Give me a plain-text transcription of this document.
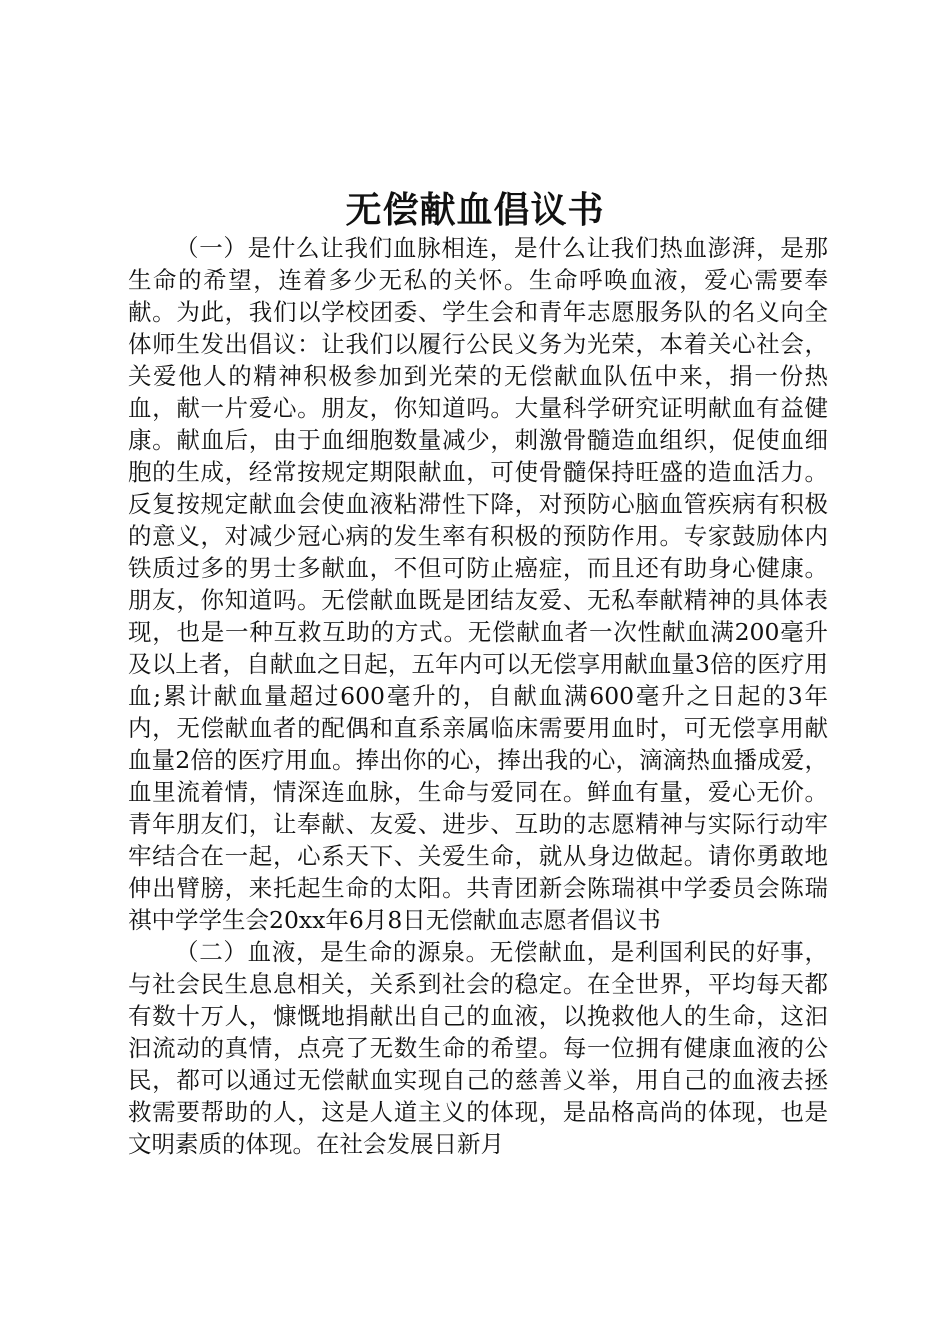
无偿献血倡议书

（一）是什么让我们血脉相连，是什么让我们热血澎湃，是那生命的希望，连着多少无私的关怀。生命呼唤血液，爱心需要奉献。为此，我们以学校团委、学生会和青年志愿服务队的名义向全体师生发出倡议：让我们以履行公民义务为光荣，本着关心社会，关爱他人的精神积极参加到光荣的无偿献血队伍中来，捐一份热血，献一片爱心。朋友，你知道吗。大量科学研究证明献血有益健康。献血后，由于血细胞数量减少，刺激骨髓造血组织，促使血细胞的生成，经常按规定期限献血，可使骨髓保持旺盛的造血活力。反复按规定献血会使血液粘滞性下降，对预防心脑血管疾病有积极的意义，对减少冠心病的发生率有积极的预防作用。专家鼓励体内铁质过多的男士多献血，不但可防止癌症，而且还有助身心健康。朋友，你知道吗。无偿献血既是团结友爱、无私奉献精神的具体表现，也是一种互救互助的方式。无偿献血者一次性献血满200毫升及以上者，自献血之日起，五年内可以无偿享用献血量3倍的医疗用血;累计献血量超过600毫升的，自献血满600毫升之日起的3年内，无偿献血者的配偶和直系亲属临床需要用血时，可无偿享用献血量2倍的医疗用血。捧出你的心，捧出我的心，滴滴热血播成爱，血里流着情，情深连血脉，生命与爱同在。鲜血有量，爱心无价。青年朋友们，让奉献、友爱、进步、互助的志愿精神与实际行动牢牢结合在一起，心系天下、关爱生命，就从身边做起。请你勇敢地伸出臂膀，来托起生命的太阳。共青团新会陈瑞祺中学委员会陈瑞祺中学学生会20xx年6月8日无偿献血志愿者倡议书

（二）血液，是生命的源泉。无偿献血，是利国利民的好事，与社会民生息息相关，关系到社会的稳定。在全世界，平均每天都有数十万人，慷慨地捐献出自己的血液，以挽救他人的生命，这汩汩流动的真情，点亮了无数生命的希望。每一位拥有健康血液的公民，都可以通过无偿献血实现自己的慈善义举，用自己的血液去拯救需要帮助的人，这是人道主义的体现，是品格高尚的体现，也是文明素质的体现。在社会发展日新月
